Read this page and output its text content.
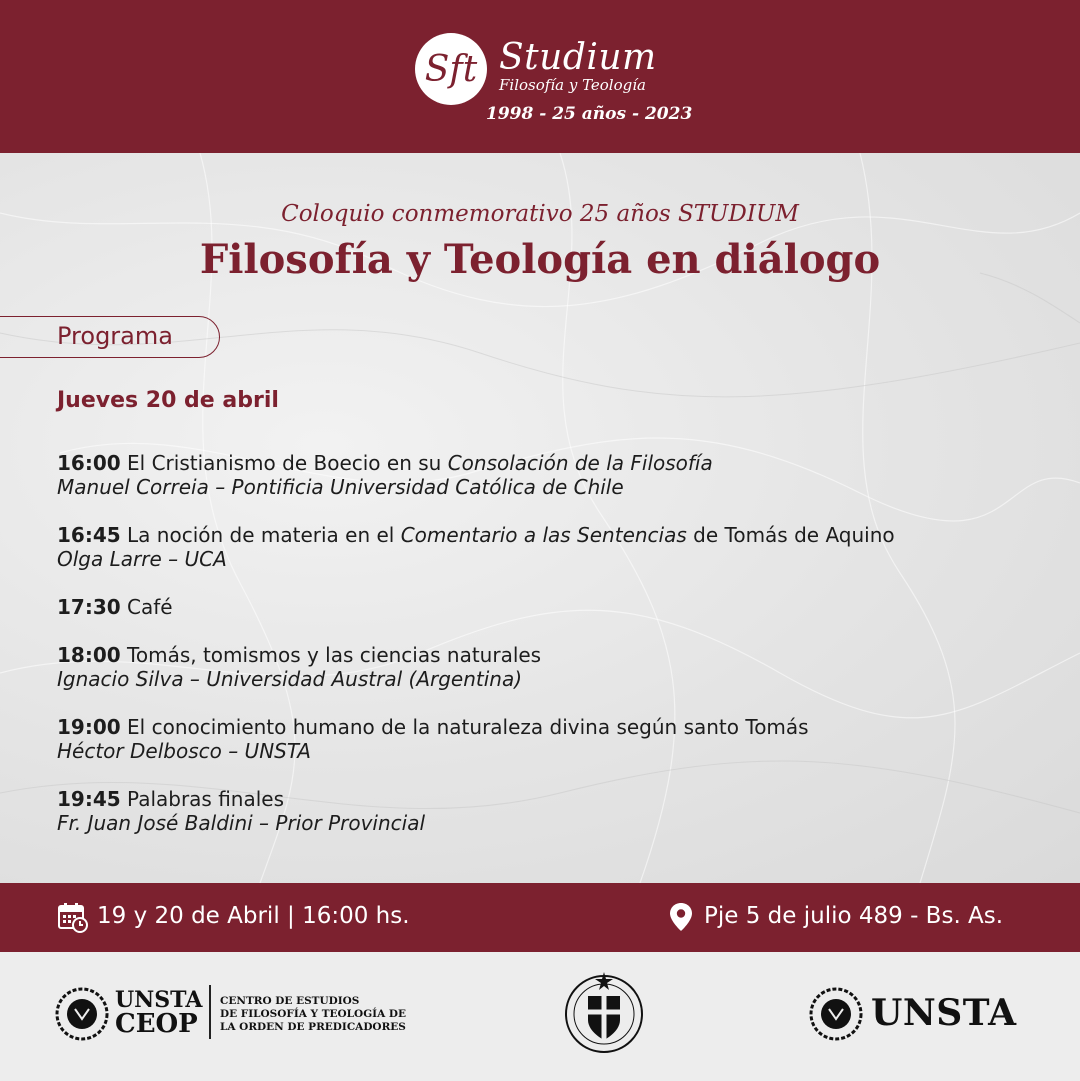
Sft Studium
Filosofía y Teología
1998 - 25 años - 2023
Coloquio conmemorativo 25 años STUDIUM
Filosofía y Teología en diálogo
Programa
Jueves 20 de abril
16:00 El Cristianismo de Boecio en su Consolación de la Filosofía
Manuel Correia – Pontificia Universidad Católica de Chile
16:45 La noción de materia en el Comentario a las Sentencias de Tomás de Aquino
Olga Larre – UCA
17:30 Café
18:00 Tomás, tomismos y las ciencias naturales
Ignacio Silva – Universidad Austral (Argentina)
19:00 El conocimiento humano de la naturaleza divina según santo Tomás
Héctor Delbosco – UNSTA
19:45 Palabras finales
Fr. Juan José Baldini – Prior Provincial
19 y 20 de Abril | 16:00 hs.	Pje 5 de julio 489 - Bs. As.
UNSTA
CEOP
CENTRO DE ESTUDIOS
DE FILOSOFÍA Y TEOLOGÍA DE
LA ORDEN DE PREDICADORES	UNSTA
